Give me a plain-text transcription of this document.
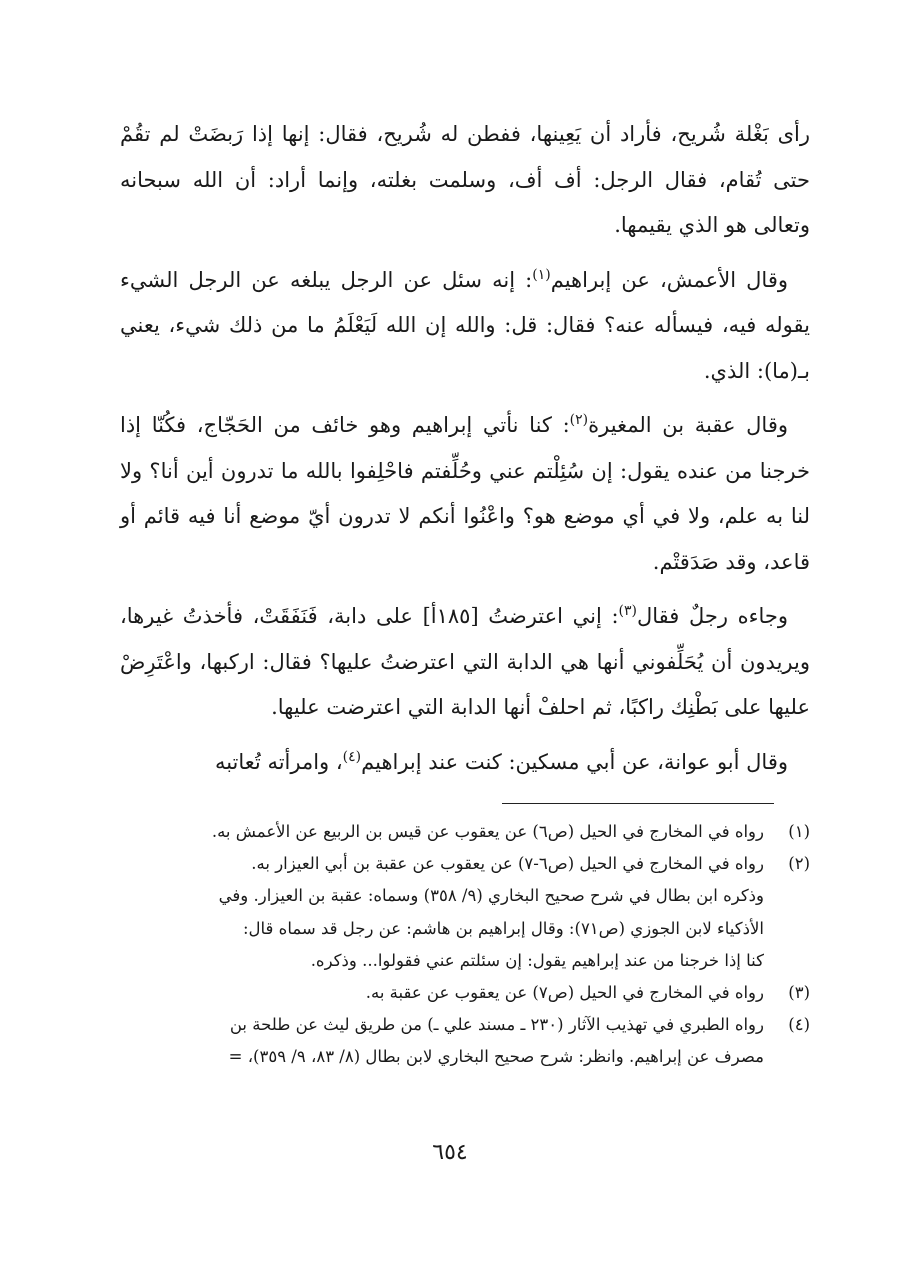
رأى بَغْلة شُريح، فأراد أن يَعِينها، ففطن له شُريح، فقال: إنها إذا رَبضَتْ لم تقُمْ حتى تُقام، فقال الرجل: أف أف، وسلمت بغلته، وإنما أراد: أن الله سبحانه وتعالى هو الذي يقيمها.

وقال الأعمش، عن إبراهيم$^{(١)}$: إنه سئل عن الرجل يبلغه عن الرجل الشيء يقوله فيه، فيسأله عنه؟ فقال: قل: والله إن الله لَيَعْلَمُ ما من ذلك شيء، يعني بـ(ما): الذي.

وقال عقبة بن المغيرة$^{(٢)}$: كنا نأتي إبراهيم وهو خائف من الحَجّاج، فكُنّا إذا خرجنا من عنده يقول: إن سُئِلْتم عني وحُلِّفتم فاحْلِفوا بالله ما تدرون أين أنا؟ ولا لنا به علم، ولا في أي موضع هو؟ واعْنُوا أنكم لا تدرون أيّ موضع أنا فيه قائم أو قاعد، وقد صَدَقتْم.

وجاءه رجلٌ فقال$^{(٣)}$: إني اعترضتُ [١٨٥أ] على دابة، فَنَفَقَتْ، فأخذتُ غيرها، ويريدون أن يُحَلِّفوني أنها هي الدابة التي اعترضتُ عليها؟ فقال: اركبها، واعْتَرِضْ عليها على بَطْنِك راكبًا، ثم احلفْ أنها الدابة التي اعترضت عليها.

وقال أبو عوانة، عن أبي مسكين: كنت عند إبراهيم$^{(٤)}$، وامرأته تُعاتبه

(١)
رواه في المخارج في الحيل (ص٦) عن يعقوب عن قيس بن الربيع عن الأعمش به.
(٢)
رواه في المخارج في الحيل (ص٦-٧) عن يعقوب عن عقبة بن أبي العيزار به.
وذكره ابن بطال في شرح صحيح البخاري (٩/ ٣٥٨) وسماه: عقبة بن العيزار. وفي
الأذكياء لابن الجوزي (ص٧١): وقال إبراهيم بن هاشم: عن رجل قد سماه قال:
كنا إذا خرجنا من عند إبراهيم يقول: إن سئلتم عني فقولوا... وذكره.
(٣)
رواه في المخارج في الحيل (ص٧) عن يعقوب عن عقبة به.
(٤)
رواه الطبري في تهذيب الآثار (٢٣٠ ـ مسند علي ـ) من طريق ليث عن طلحة بن
مصرف عن إبراهيم. وانظر: شرح صحيح البخاري لابن بطال (٨/ ٨٣، ٩/ ٣٥٩)، =
٦٥٤
